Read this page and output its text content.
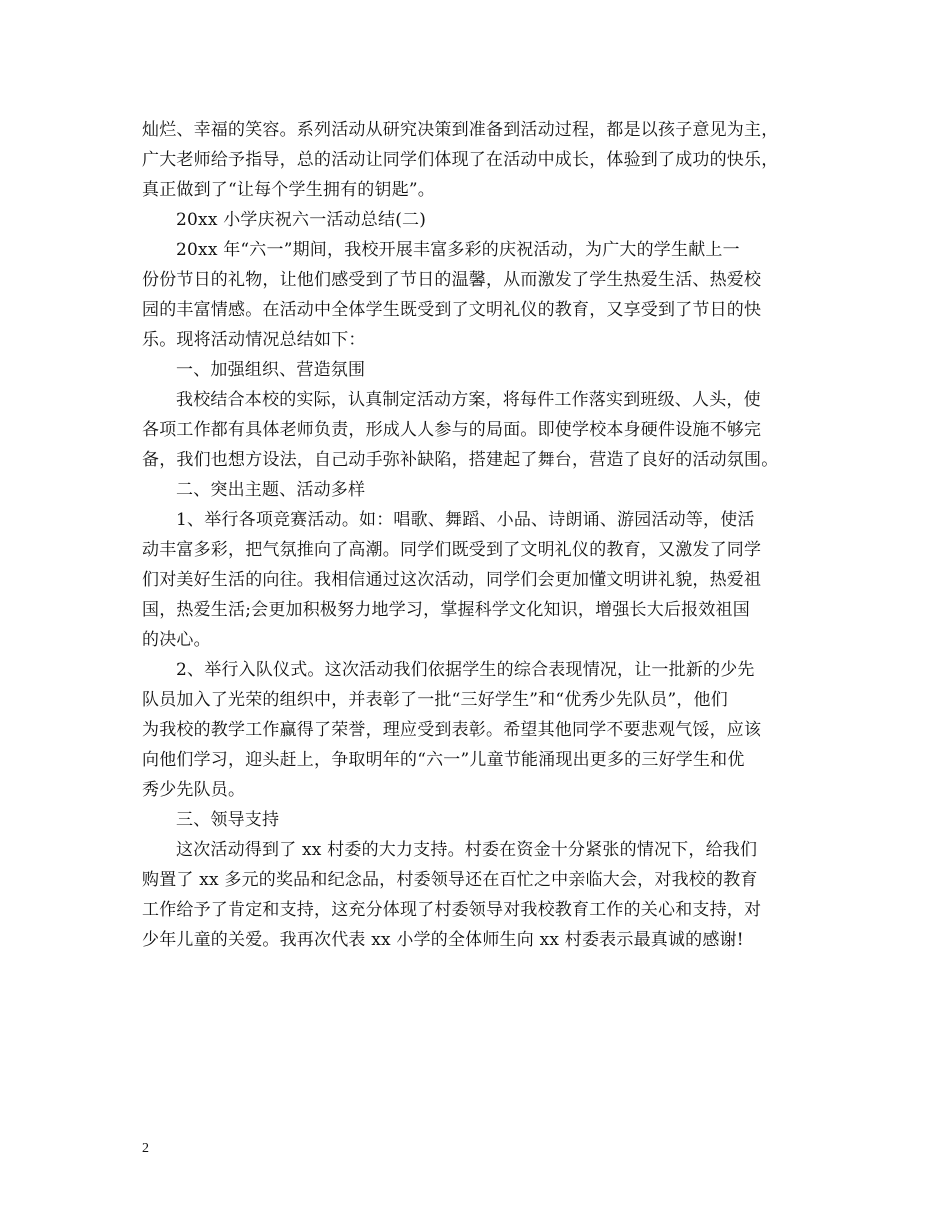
灿烂、幸福的笑容。系列活动从研究决策到准备到活动过程，都是以孩子意见为主，
广大老师给予指导，总的活动让同学们体现了在活动中成长，体验到了成功的快乐，
真正做到了“让每个学生拥有的钥匙”。
20xx 小学庆祝六一活动总结(二)
20xx 年“六一”期间，我校开展丰富多彩的庆祝活动，为广大的学生献上一
份份节日的礼物，让他们感受到了节日的温馨，从而激发了学生热爱生活、热爱校
园的丰富情感。在活动中全体学生既受到了文明礼仪的教育，又享受到了节日的快
乐。现将活动情况总结如下：
一、加强组织、营造氛围
我校结合本校的实际，认真制定活动方案，将每件工作落实到班级、人头，使
各项工作都有具体老师负责，形成人人参与的局面。即使学校本身硬件设施不够完
备，我们也想方设法，自己动手弥补缺陷，搭建起了舞台，营造了良好的活动氛围。
二、突出主题、活动多样
1、举行各项竞赛活动。如：唱歌、舞蹈、小品、诗朗诵、游园活动等，使活
动丰富多彩，把气氛推向了高潮。同学们既受到了文明礼仪的教育，又激发了同学
们对美好生活的向往。我相信通过这次活动，同学们会更加懂文明讲礼貌，热爱祖
国，热爱生活;会更加积极努力地学习，掌握科学文化知识，增强长大后报效祖国
的决心。
2、举行入队仪式。这次活动我们依据学生的综合表现情况，让一批新的少先
队员加入了光荣的组织中，并表彰了一批“三好学生”和“优秀少先队员”，他们
为我校的教学工作赢得了荣誉，理应受到表彰。希望其他同学不要悲观气馁，应该
向他们学习，迎头赶上，争取明年的“六一”儿童节能涌现出更多的三好学生和优
秀少先队员。
三、领导支持
这次活动得到了 xx 村委的大力支持。村委在资金十分紧张的情况下，给我们
购置了 xx 多元的奖品和纪念品，村委领导还在百忙之中亲临大会，对我校的教育
工作给予了肯定和支持，这充分体现了村委领导对我校教育工作的关心和支持，对
少年儿童的关爱。我再次代表 xx 小学的全体师生向 xx 村委表示最真诚的感谢!
2
